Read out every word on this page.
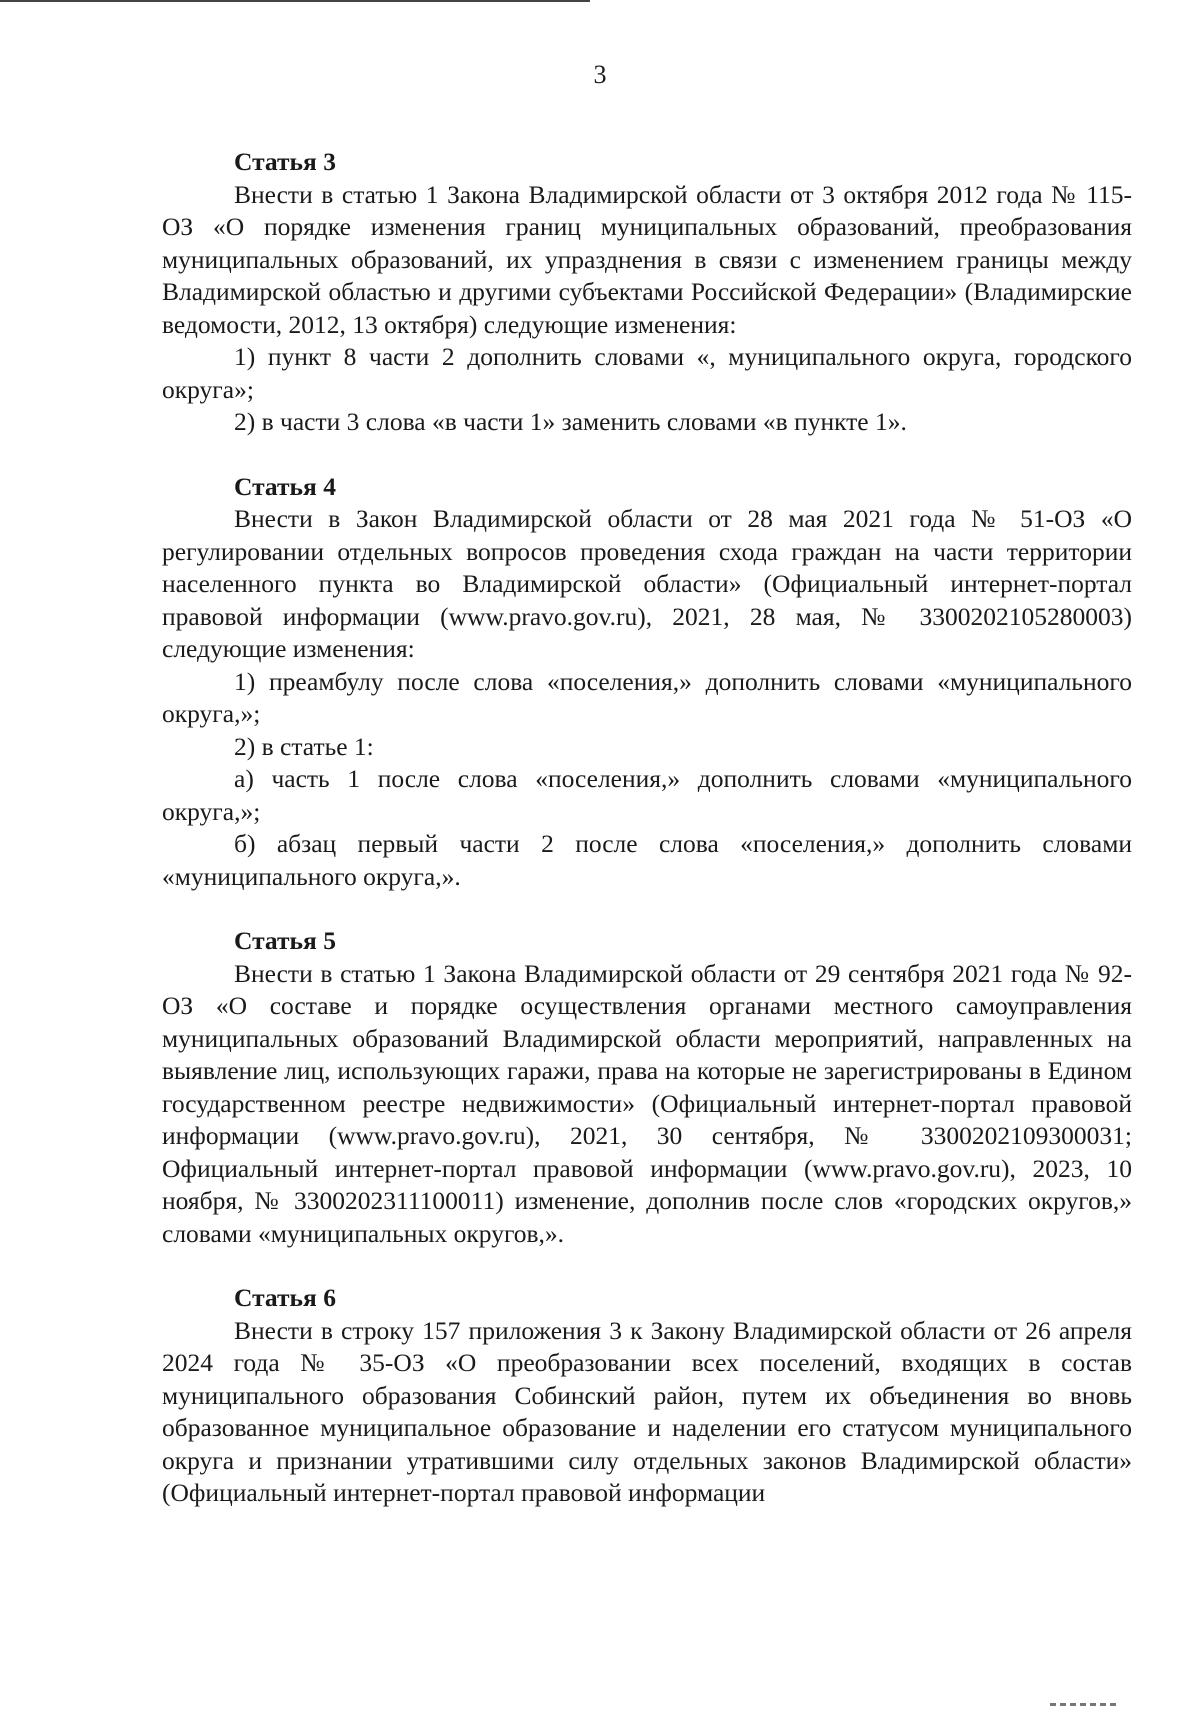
3

Статья 3

Внести в статью 1 Закона Владимирской области от 3 октября 2012 года № 115-ОЗ «О порядке изменения границ муниципальных образований, преобразования муниципальных образований, их упразднения в связи с изменением границы между Владимирской областью и другими субъектами Российской Федерации» (Владимирские ведомости, 2012, 13 октября) следующие изменения:

1) пункт 8 части 2 дополнить словами «, муниципального округа, городского округа»;

2) в части 3 слова «в части 1» заменить словами «в пункте 1».

Статья 4

Внести в Закон Владимирской области от 28 мая 2021 года № 51-ОЗ «О регулировании отдельных вопросов проведения схода граждан на части территории населенного пункта во Владимирской области» (Официальный интернет-портал правовой информации (www.pravo.gov.ru), 2021, 28 мая, № 3300202105280003) следующие изменения:

1) преамбулу после слова «поселения,» дополнить словами «муниципального округа,»;

2) в статье 1:

а) часть 1 после слова «поселения,» дополнить словами «муниципального округа,»;

б) абзац первый части 2 после слова «поселения,» дополнить словами «муниципального округа,».

Статья 5

Внести в статью 1 Закона Владимирской области от 29 сентября 2021 года № 92-ОЗ «О составе и порядке осуществления органами местного самоуправления муниципальных образований Владимирской области мероприятий, направленных на выявление лиц, использующих гаражи, права на которые не зарегистрированы в Едином государственном реестре недвижимости» (Официальный интернет-портал правовой информации (www.pravo.gov.ru), 2021, 30 сентября, № 3300202109300031; Официальный интернет-портал правовой информации (www.pravo.gov.ru), 2023, 10 ноября, № 3300202311100011) изменение, дополнив после слов «городских округов,» словами «муниципальных округов,».

Статья 6

Внести в строку 157 приложения 3 к Закону Владимирской области от 26 апреля 2024 года № 35-ОЗ «О преобразовании всех поселений, входящих в состав муниципального образования Собинский район, путем их объединения во вновь образованное муниципальное образование и наделении его статусом муниципального округа и признании утратившими силу отдельных законов Владимирской области» (Официальный интернет-портал правовой информации
